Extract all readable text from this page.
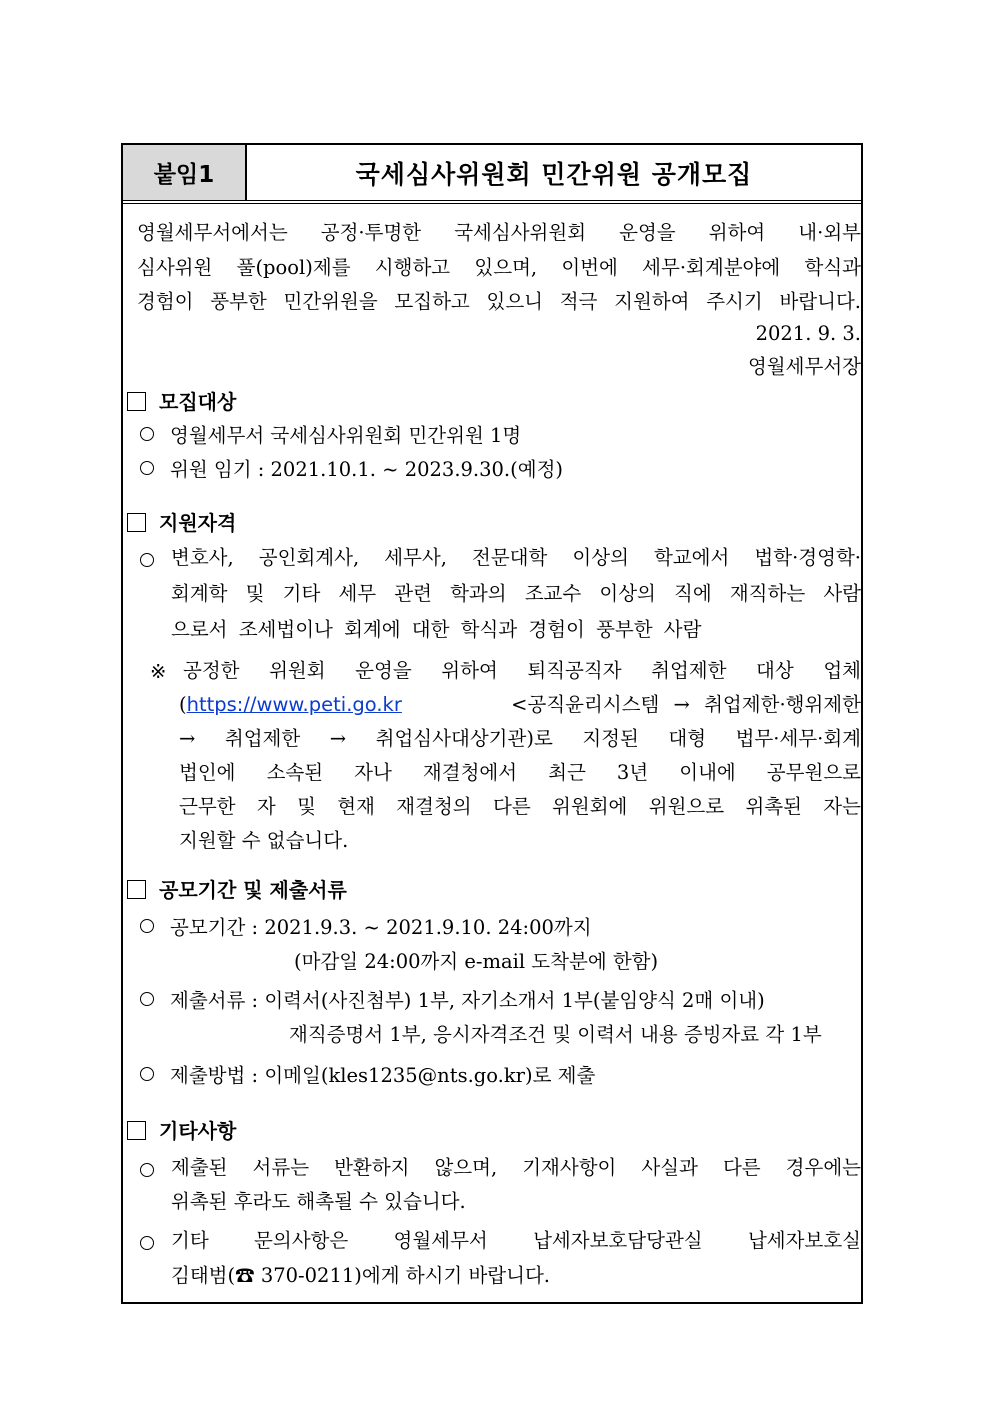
붙임1	국세심사위원회 민간위원 공개모집
영월세무서에서는 공정·투명한 국세심사위원회 운영을 위하여 내·외부
심사위원 풀(pool)제를 시행하고 있으며, 이번에 세무·회계분야에 학식과
경험이 풍부한 민간위원을 모집하고 있으니 적극 지원하여 주시기 바랍니다.
2021. 9. 3.
영월세무서장
모집대상
영월세무서 국세심사위원회 민간위원 1명
위원 임기 : 2021.10.1. ~ 2023.9.30.(예정)
지원자격
변호사, 공인회계사, 세무사, 전문대학 이상의 학교에서 법학·경영학·
회계학 및 기타 세무 관련 학과의 조교수 이상의 직에 재직하는 사람
으로서 조세법이나 회계에 대한 학식과 경험이 풍부한 사람
※ 공정한 위원회 운영을 위하여 퇴직공직자 취업제한 대상 업체
(https://www.peti.go.kr	<공직윤리시스템 → 취업제한·행위제한
→ 취업제한 → 취업심사대상기관)로 지정된 대형 법무·세무·회계
법인에 소속된 자나 재결청에서 최근 3년 이내에 공무원으로
근무한 자 및 현재 재결청의 다른 위원회에 위원으로 위촉된 자는
지원할 수 없습니다.
공모기간 및 제출서류
공모기간 : 2021.9.3. ~ 2021.9.10. 24:00까지
(마감일 24:00까지 e-mail 도착분에 한함)
제출서류 : 이력서(사진첨부) 1부, 자기소개서 1부(붙임양식 2매 이내)
재직증명서 1부, 응시자격조건 및 이력서 내용 증빙자료 각 1부
제출방법 : 이메일(kles1235@nts.go.kr)로 제출
기타사항
제출된 서류는 반환하지 않으며, 기재사항이 사실과 다른 경우에는
위촉된 후라도 해촉될 수 있습니다.
기타 문의사항은 영월세무서 납세자보호담당관실 납세자보호실
김태범(☎ 370-0211)에게 하시기 바랍니다.
